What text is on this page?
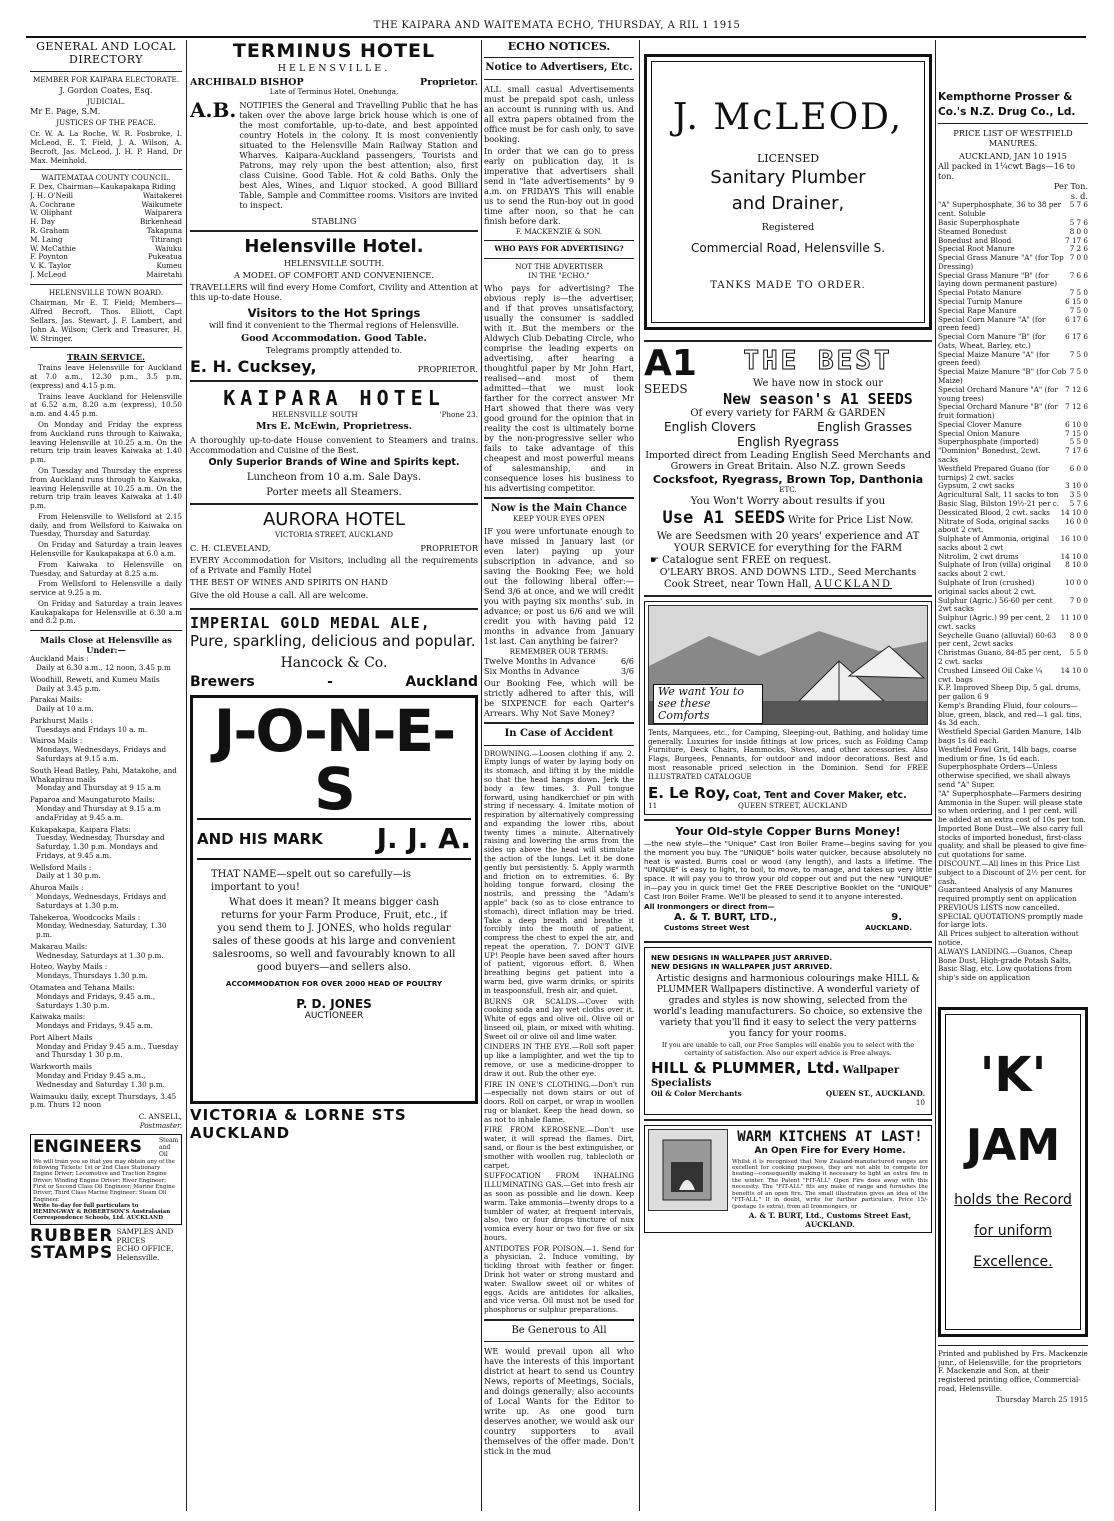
THE KAIPARA AND WAITEMATA ECHO, THURSDAY, A RIL 1 1915
GENERAL AND LOCAL DIRECTORY
MEMBER FOR KAIPARA ELECTORATE.
J. Gordon Coates, Esq.
JUDICIAL.
Mr E. Page, S.M.
JUSTICES OF THE PEACE.

Cr. W. A. La Roche, W. R. Fosbroke, I. McLeod, E. T. Field, J. A. Wilson, A. Becroft, Jas. McLeod, J. H. P. Hand, Dr Max. Meinhold.

WAITEMATAA COUNTY COUNCIL.
F. Dex, Chairman—Kaukapakapa Riding
J. H. O'Neill	Waitakerei
A. Cochrane	Waikumete
W. Oliphant	Waiparera
H. Day	Birkenhead
R. Graham	Takapuna
M. Laing	Titirangi
W. McCathie	Waiuku
F. Poynton	Pukeatua
V. K. Taylor	Kumeu
J. McLeod	Mairetahi
HELENSVILLE TOWN BOARD.

Chairman, Mr E. T. Field; Members—Alfred Becroft, Thos. Elliott, Capt Sellars, Jas. Stewart, J. F. Lambert, and John A. Wilson; Clerk and Treasurer, H. W. Stringer.

TRAIN SERVICE.

Trains leave Helensville for Auckland at 7.0 a.m., 12.30 p.m., 3.5 p.m, (express) and 4.15 p.m.

Trains leave Auckland for Helensville at 6.52 a.m, 8.20 a.m (express), 10.50 a.m. and 4.45 p.m.

On Monday and Friday the express from Auckland runs through to Kaiwaka, leaving Helensville at 10.25 a.m. On the return trip train leaves Kaiwaka at 1.40 p.m.

On Tuesday and Thursday the express from Auckland runs through to Kaiwaka, leaving Helensville at 10.25 a.m. On the return trip train leaves Kaiwaka at 1.40 p.m.

From Helensville to Wellsford at 2.15 daily, and from Wellsford to Kaiwaka on Tuesday, Thursday and Saturday.

On Friday and Saturday a train leaves Helensville for Kaukapakapa at 6.0 a.m.

From Kaiwaka to Helensville on Tuesday, and Saturday at 8.25 a.m.

From Wellsford to Helensville a daily service at 9.25 a m.

On Friday and Saturday a train leaves Kaukapakapa for Helensville at 6.30 a.m and 8.2 p.m.

Mails Close at Helensville as Under:—
Auckland Mais :
Daily at 6.30 a.m., 12 noon, 3.45 p.m
Woodhill, Reweti, and Kumeu Mails
Daily at 3.45 p.m.
Parakai Mails:
Daily at 10 a.m.
Parkhurst Mails :
Tuesdays and Fridays 10 a. m.
Wairoa Mails :
Mondays, Wednesdays, Fridays and Saturdays at 9.15 a.m.
South Head Batley, Pahi, Matakohe, and Whakapirau mails
Monday and Thursday at 9 15 a.m
Paparoa and Maungaturoto Mails:
Monday and Thursday at 9.15 a.m andaFriday at 9.45 a.m.
Kukapakapa, Kaipara Flats:
Tuesday, Wednesday, Thursday and Saturday, 1.30 p.m. Mondays and Fridays, at 9.45 a.m.
Wellsford Mails :
Daily at 1 30 p.m.
Ahuroa Mails :
Mondays, Wednesdays, Fridays and Saturdays at 1.30 p.m.
Tahekeroa, Woodcocks Mails :
Monday, Wednesday, Saturday, 1.30 p.m.
Makarau Mails:
Wednesday, Saturdays at 1.30 p.m.
Hoteo, Wayby Mails :
Mondays, Thursdays 1.30 p.m.
Otamatea and Tehana Mails:
Mondays and Fridays, 9.45 a.m., Saturdays 1.30 p.m.
Kaiwaka mails:
Mondays and Fridays, 9.45 a.m.
Port Albert Mails
Monday and Friday 9.45 a.m., Tuesday and Thursday 1 30 p.m.
Warkworth mails
Monday and Friday 9.45 a.m., Wednesday and Saturday 1.30 p.m.
Waimauku daily, except Thursdays, 3.45 p.m. Thurs 12 noon
C. ANSELL,
Postmaster.
ENGINEERS	Steam and Oil
We will train you so that you may obtain any of the following Tickets: 1st or 2nd Class Stationary Engine Driver; Locomotive and Traction Engine Driver; Winding Engine Driver; River Engineer; First or Second Class Oil Engineer; Marine Engine Driver; Third Class Marine Engineer; Steam Oil Engineer.
Write to-day for full particulars to HEMINGWAY & ROBERTSON'S Australasian Correspondence Schools, Ltd. AUCKLAND
RUBBER STAMPS
SAMPLES AND PRICES
ECHO OFFICE, Helensville.
TERMINUS HOTEL
HELENSVILLE.
ARCHIBALD BISHOP	Proprietor.
Late of Terminus Hotel, Onehunga,
A.B. NOTIFIES the General and Travelling Public that he has taken over the above large brick house which is one of the most comfortable, up-to-date, and best appointed country Hotels in the colony. It is most conveniently situated to the Helensville Main Railway Station and Wharves. Kaipara-Auckland passengers, Tourists and Patrons, may rely upon the best attention; also, first class Cuisine. Good Table. Hot & cold Baths. Only the best Ales, Wines, and Liquor stocked. A good Billiard Table, Sample and Committee rooms. Visitors are invited to inspect.

STABLING
Helensville Hotel.
HELENSVILLE SOUTH.
A MODEL OF COMFORT AND CONVENIENCE.

TRAVELLERS will find every Home Comfort, Civility and Attention at this up-to-date House.

Visitors to the Hot Springs
will find it convenient to the Thermal regions of Helensville.
Good Accommodation. Good Table.
Telegrams promptly attended to.
E. H. Cucksey,	PROPRIETOR.
KAIPARA HOTEL
HELENSVILLE SOUTH	'Phone 23.
Mrs E. McEwin, Proprietress.

A thoroughly up-to-date House convenient to Steamers and trains. Accommodation and Cuisine of the Best.

Only Superior Brands of Wine and Spirits kept.
Luncheon from 10 a.m. Sale Days.
Porter meets all Steamers.
AURORA HOTEL
VICTORIA STREET, AUCKLAND
C. H. CLEVELAND,	PROPRIETOR

EVERY Accommodation for Visitors, including all the requirements of a Private and Family Hotel

THE BEST OF WINES AND SPIRITS ON HAND
Give the old House a call. All are welcome.
IMPERIAL GOLD MEDAL ALE,
Pure, sparkling, delicious and popular.
Hancock & Co.
Brewers	-	Auckland
J-O-N-E-S
AND HIS MARK J. J. A.

THAT NAME—spelt out so carefully—is important to you!

What does it mean? It means bigger cash returns for your Farm Produce, Fruit, etc., if you send them to J. JONES, who holds regular sales of these goods at his large and convenient salesrooms, so well and favourably known to all good buyers—and sellers also.

ACCOMMODATION FOR OVER 2000 HEAD OF POULTRY
P. D. JONES
AUCTIONEER
VICTORIA & LORNE STS AUCKLAND
ECHO NOTICES.
Notice to Advertisers, Etc.

ALL small casual Advertisements must be prepaid spot cash, unless an account is running with us. And all extra papers obtained from the office must be for cash only, to save booking.

In order that we can go to press early on publication day, it is imperative that advertisers shall send in "late advertisements" by 9 a.m. on FRIDAYS This will enable us to send the Run-boy out in good time after noon, so that he can finish before dark.

F. MACKENZIE & SON.
WHO PAYS FOR ADVERTISING?
NOT THE ADVERTISER
IN THE "ECHO."

Who pays for advertising? The obvious reply is—the advertiser, and if that proves unsatisfactory, usually the consumer is saddled with it. But the members or the Aldwych Club Debating Circle, who comprise the leading experts on advertising, after hearing a thoughtful paper by Mr John Hart, realised—and most of them admitted—that we must look farther for the correct answer Mr Hart showed that there was very good ground for the opinion that in reality the cost is ultimately borne by the non-progressive seller who fails to take advantage of this cheapest and most powerful means of salesmanship, and in consequence loses his business to his advertising competitor.

Now is the Main Chance
KEEP YOUR EYES OPEN

IF you were unfortunate enough to have missed in January last (or even later) paying up your subscription in advance, and so saving the Booking Fee; we hold out the following liberal offer:— Send 3/6 at once, and we will credit you with paying six months' sub. in advance; or post us 6/6 and we will credit you with having paid 12 months in advance from January 1st last. Can anything be fairer?

REMEMBER OUR TERMS:
Twelve Months in Advance	6/6
Six Months in Advance	3/6

Our Booking Fee, which will be strictly adhered to after this, will be SIXPENCE for each Qarter's Arrears. Why Not Save Money?

In Case of Accident

DROWNING.—Loosen clothing if any. 2. Empty lungs of water by laying body on its stomach, and lifting it by the middle so that the head hangs down. Jerk the body a few times. 3. Pull tongue forward, using handkerchief or pin with string if necessary. 4. Imitate motion of respiration by alternatively compressing and expanding the lower ribs, about twenty times a minute. Alternatively raising and lowering the arms from the sides up above the head will stimulate the action of the lungs. Let it be done gently but persistently. 5. Apply warmth and friction on to extremities. 6. By holding tongue forward, closing the nostrils, and pressing the "Adam's apple" back (so as to close entrance to stomach), direct inflation may be tried. Take a deep breath and breathe it forcibly into the mouth of patient, compress the chest to expel the air, and repeat the operation. 7. DON'T GIVE UP! People have been saved after hours of patient, vigorous effort. 8. When breathing begins get patient into a warm bed, give warm drinks, or spirits in teaspoonsfull, fresh air, and quiet.

BURNS OR SCALDS.—Cover with cooking soda and lay wet cloths over it. White of eggs and olive oil. Olive oil or linseed oil, plain, or mixed with whiting. Sweet oil or olive oil and lime water.

CINDERS IN THE EYE.—Roll soft paper up like a lamplighter, and wet the tip to remove, or use a medicine-dropper to draw it out. Rub the other eye.

FIRE IN ONE'S CLOTHING.—Don't run—especially not down stairs or out of doors. Roll on carpet, or wrap in woollen rug or blanket. Keep the head down, so as not to inhale flame.

FIRE FROM KEROSENE.—Don't use water, it will spread the flames. Dirt, sand, or flour is the best extinguisher, or smother with woollen rug, tablecloth or carpet.

SUFFOCATION FROM INHALING ILLUMINATING GAS.—Get into fresh air as soon as possible and lie down. Keep warm. Take ammonia—twenty drops to a tumbler of water, at frequent intervals, also, two or four drops tincture of nux vomica every hour or two for five or six hours.

ANTIDOTES FOR POISON.—1. Send for a physician. 2. Induce vomiting, by tickling throat with feather or finger. Drink hot water or strong mustard and water. Swallow sweet oil or whites of eggs. Acids are antidotes for alkalies, and vice versa. Oil must not be used for phosphorus or sulphur preparations.

Be Generous to All

WE would prevail upon all who have the interests of this important district at heart to send us Country News, reports of Meetings, Socials, and doings generally; also accounts of Local Wants for the Editor to write up. As one good turn deserves another, we would ask our country supporters to avail themselves of the offer made. Don't stick in the mud

J. McLEOD,
LICENSED
Sanitary Plumber and Drainer,
Registered
Commercial Road, Helensville S.
TANKS MADE TO ORDER.
A1
SEEDS
THE BEST
We have now in stock our
New season's A1 SEEDS
Of every variety for FARM & GARDEN
English Clovers	English Grasses
English Ryegrass
Imported direct from Leading English Seed Merchants and Growers in Great Britain. Also N.Z. grown Seeds
Cocksfoot, Ryegrass, Brown Top, Danthonia
ETC.
You Won't Worry about results if you
Use A1 SEEDS Write for Price List Now.
We are Seedsmen with 20 years' experience and AT YOUR SERVICE for everything for the FARM
☛ Catalogue sent FREE on request.
O'LEARY BROS. AND DOWNS LTD., Seed Merchants
Cook Street, near Town Hall, AUCKLAND
We want You to see these Comforts

Tents, Marquees, etc., for Camping, Sleeping-out, Bathing, and holiday time generally. Luxuries for inside fittings at low prices, such as Folding Camp Furniture, Deck Chairs, Hammocks, Stoves, and other accessories. Also Flags, Burgees, Pennants, for outdoor and indoor decorations. Best and most reasonable priced selection in the Dominion. Send for FREE ILLUSTRATED CATALOGUE

E. Le Roy, Coat, Tent and Cover Maker, etc.
11	QUEEN STREET, AUCKLAND
Your Old-style Copper Burns Money!

—the new style—the "Unique" Cast Iron Boiler Frame—begins saving for you the moment you buy. The "UNIQUE" boils water quicker, because absolutely no heat is wasted. Burns coal or wood (any length), and lasts a lifetime. The "UNIQUE" is easy to light, to boil, to move, to manage, and takes up very little space. It will pay you to throw your old copper out and put the new "UNIQUE" in—pay you in quick time! Get the FREE Descriptive Booklet on the "UNIQUE" Cast Iron Boiler Frame. We'll be pleased to send it to anyone interested.

All Ironmongers or direct from—
A. & T. BURT, LTD.,	9.
Customs Street West	AUCKLAND.
NEW DESIGNS IN WALLPAPER JUST ARRIVED.
NEW DESIGNS IN WALLPAPER JUST ARRIVED.

Artistic designs and harmonious colourings make HILL & PLUMMER Wallpapers distinctive. A wonderful variety of grades and styles is now showing, selected from the world's leading manufacturers. So choice, so extensive the variety that you'll find it easy to select the very patterns you fancy for your rooms.

If you are unable to call, our Free Samples will enable you to select with the certainty of satisfaction. Also our expert advice is Free always.

HILL & PLUMMER, Ltd. Wallpaper Specialists
Oil & Color Merchants	QUEEN ST., AUCKLAND.
10
WARM KITCHENS AT LAST!
An Open Fire for Every Home.

Whilst it is recognised that New Zealand-manufactured ranges are excellent for cooking purposes, they are not able to compete for heating—consequently making it necessary to light an extra fire in the winter. The Patent "FIT-ALL" Open Fire does away with this necessity. The "FIT-ALL" fits any make of range and furnishes the benefits of an open fire. The small illustration gives an idea of the "FIT-ALL." If in doubt, write for further particulars. Price 15/- (postage 1s extra), from all Ironmongers, or

A. & T. BURT, Ltd., Customs Street East, AUCKLAND.
Kempthorne Prosser & Co.'s N.Z. Drug Co., Ld.
PRICE LIST OF WESTFIELD MANURES.
AUCKLAND, JAN 10 1915
All packed in 1¼cwt Bags—16 to ton.
Per Ton.
s. d.
"A" Superphosphate, 36 to 38 per cent. Soluble
5 7 6
Basic Superphosphate	5 7 6
Steamed Bonedust	8 0 0
Bonedust and Blood	7 17 6
Special Root Manure	7 2 6
Special Grass Manure "A" (for Top Dressing)
7 0 0
Special Grass Manure "B" (for laying down permanent pasture)
7 6 6
Special Potato Manure	7 5 0
Special Turnip Manure	6 15 0
Special Rape Manure	7 5 0
Special Corn Manure "A" (for green feed)
6 17 6
Special Corn Manure "B" (for Oats, Wheat, Barley, etc.)
6 17 6
Special Maize Manure "A" (for green feed)
7 5 0
Special Maize Manure "B" (for Cob Maize)
7 5 0
Special Orchard Manure "A" (for young trees)
7 12 6
Special Orchard Manure "B" (for fruit formation)
7 12 6
Special Clover Manure	6 10 0
Special Onion Manure	7 15 0
Superphosphate (imported)	5 5 0
"Dominion" Bonedust, 2cwt. sacks
7 17 6
Westfield Prepared Guano (for turnips) 2 cwt. sacks
6 0 0
Gypsum, 2 cwt sacks	3 10 0
Agricultural Salt, 11 sacks to ton 3 5 0
Basic Slag, Bilston 19½-21 per c. 5 7 6
Dessicated Blood, 2 cwt. sacks 14 10 0
Nitrate of Soda, original sacks about 2 cwt.
16 0 0
Sulphate of Ammonia, original sacks about 2 cwt
16 10 0
Nitrolim, 2 cwt drums	14 10 0
Sulphate of Iron (villa) original sacks about 2 cwt.
8 10 0
Sulphate of Iron (crushed) original sacks about 2 cwt.
10 0 0
Sulphur (Agric.) 56-60 per cent 2wt sacks
7 0 0
Sulphur (Agric.) 99 per cent, 2 cwt. sacks
11 10 0
Seychelle Guano (alluvial) 60-63 per cent, 2cwt sacks
8 0 0
Christmas Guano, 84-85 per cent, 2 cwt. sacks
5 5 0
Crushed Linseed Oil Cake ¼ cwt. bags
14 10 0
K.P. Improved Sheep Dip, 5 gal. drums, per gallon 6 9
Kemp's Branding Fluid, four colours—blue, green, black, and red—1 gal. tins, 4s 3d each.
Westfield Special Garden Manure, 14lb bags 1s 6d each.
Westfield Fowl Grit, 14lb bags, coarse medium or fine, 1s 6d each.
Superphosphate Orders—Unless otherwise specified, we shall always send "A" Super.
"A" Superphosphate—Farmers desiring Ammonia in the Super. will please state so when ordering, and 1 per cent. will be added at an extra cost of 10s per ton.
Imported Bone Dust—We also carry full stocks of imported bonedust, first-class quality, and shall be pleased to give fine-cut quotations for same.
DISCOUNT.—All lines in this Price List subject to a Discount of 2½ per cent. for cash.
Guaranteed Analysis of any Manures required promptly sent on application PREVIOUS LISTS now cancelled.
SPECIAL QUOTATIONS promptly made for large lots.
All Prices subject to alteration without notice.
ALWAYS LANDING.—Guanos, Cheap Bone Dust, High-grade Potash Salts, Basic Slag, etc. Low quotations from ship's side on application
'K'
JAM
holds the Record
for uniform
Excellence.

Printed and published by Frs. Mackenzie junr., of Helensville, for the proprietors F. Mackenzie and Son, at their registered printing office, Commercial-road, Helensville.

Thursday March 25 1915
